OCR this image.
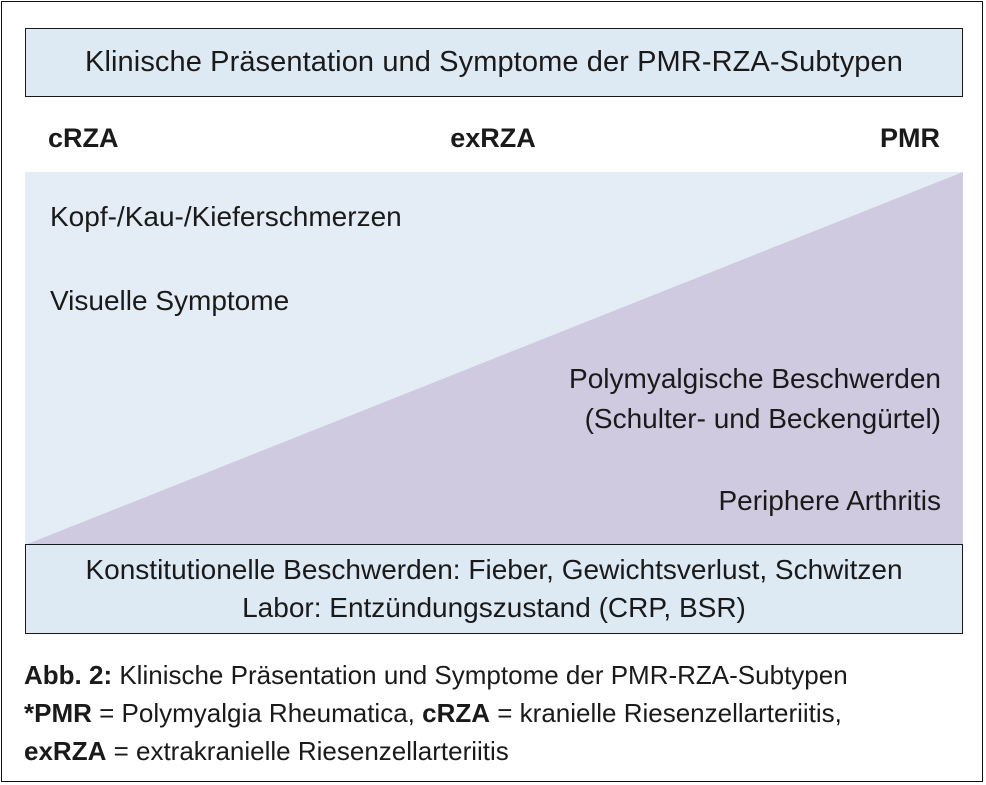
Klinische Präsentation und Symptome der PMR-RZA-Subtypen
cRZA	exRZA	PMR
Kopf-/Kau-/Kieferschmerzen
Visuelle Symptome
Polymyalgische Beschwerden
(Schulter- und Beckengürtel)
Periphere Arthritis
Konstitutionelle Beschwerden: Fieber, Gewichtsverlust, Schwitzen
Labor: Entzündungszustand (CRP, BSR)
Abb. 2: Klinische Präsentation und Symptome der PMR-RZA-Subtypen
*PMR = Polymyalgia Rheumatica, cRZA = kranielle Riesenzellarteriitis,
exRZA = extrakranielle Riesenzellarteriitis
